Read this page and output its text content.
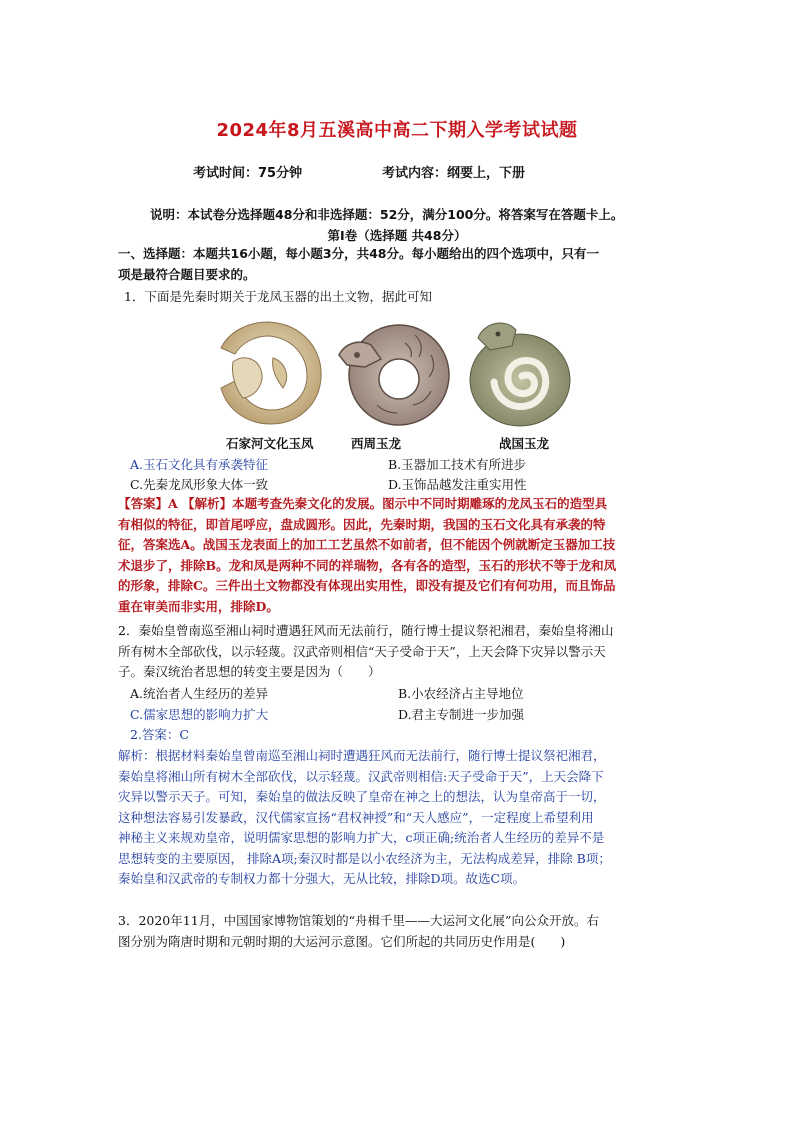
2024年8月五溪高中高二下期入学考试试题
考试时间：75分钟	考试内容：纲要上，下册
说明：本试卷分选择题48分和非选择题：52分，满分100分。将答案写在答题卡上。
第Ⅰ卷（选择题 共48分）
一、选择题：本题共16小题，每小题3分，共48分。每小题给出的四个选项中，只有一
项是最符合题目要求的。
1．下面是先秦时期关于龙凤玉器的出土文物，据此可知
石家河文化玉凤	西周玉龙	战国玉龙
A.玉石文化具有承袭特征	B.玉器加工技术有所进步
C.先秦龙凤形象大体一致	D.玉饰品越发注重实用性
【答案】A 【解析】本题考查先秦文化的发展。图示中不同时期雕琢的龙凤玉石的造型具
有相似的特征，即首尾呼应，盘成圆形。因此，先秦时期，我国的玉石文化具有承袭的特
征，答案选A。战国玉龙表面上的加工工艺虽然不如前者，但不能因个例就断定玉器加工技
术退步了，排除B。龙和凤是两种不同的祥瑞物，各有各的造型，玉石的形状不等于龙和凤
的形象，排除C。三件出土文物都没有体现出实用性，即没有提及它们有何功用，而且饰品
重在审美而非实用，排除D。
2．秦始皇曾南巡至湘山祠时遭遇狂风而无法前行，随行博士提议祭祀湘君，秦始皇将湘山
所有树木全部砍伐，以示轻蔑。汉武帝则相信“天子受命于天”，上天会降下灾异以警示天
子。秦汉统治者思想的转变主要是因为（　　）
A.统治者人生经历的差异	B.小农经济占主导地位
C.儒家思想的影响力扩大	D.君主专制进一步加强
2.答案：C
解析：根据材料秦始皇曾南巡至湘山祠时遭遇狂风而无法前行，随行博士提议祭祀湘君，
秦始皇将湘山所有树木全部砍伐，以示轻蔑。汉武帝则相信:天子受命于天”，上天会降下
灾异以警示天子。可知，秦始皇的做法反映了皇帝在神之上的想法，认为皇帝高于一切，
这种想法容易引发暴政，汉代儒家宣扬“君权神授”和“天人感应”，一定程度上希望利用
神秘主义来规劝皇帝，说明儒家思想的影响力扩大，c项正确;统治者人生经历的差异不是
思想转变的主要原因， 排除A项;秦汉时都是以小农经济为主，无法构成差异，排除 B项；
秦始皇和汉武帝的专制权力都十分强大，无从比较，排除D项。故选C项。
3．2020年11月，中国国家博物馆策划的“舟楫千里——大运河文化展”向公众开放。右
图分别为隋唐时期和元朝时期的大运河示意图。它们所起的共同历史作用是(　　)
